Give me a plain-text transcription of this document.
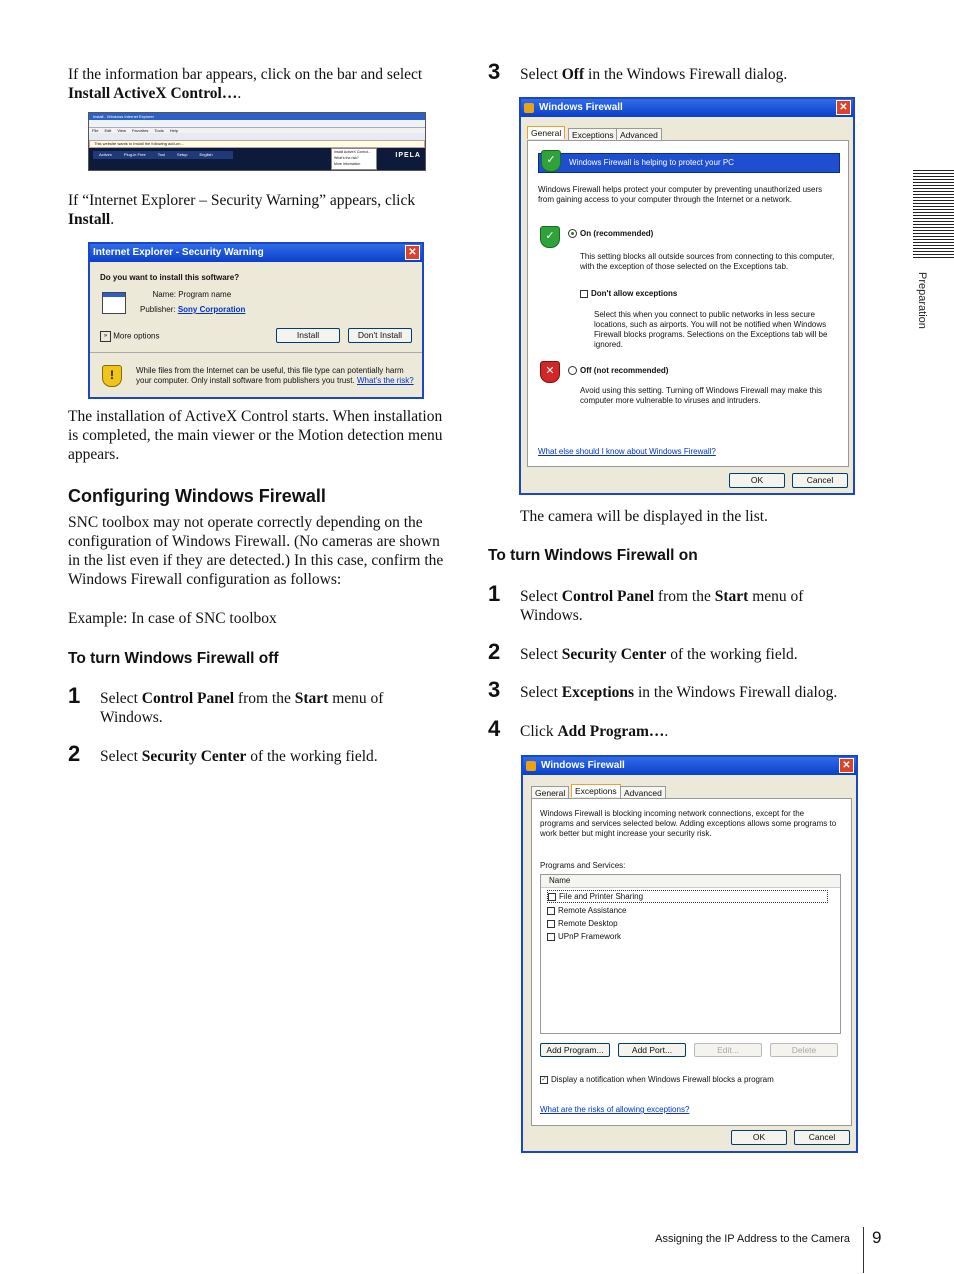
If the information bar appears, click on the bar and select
Install ActiveX Control….
Install - Windows Internet Explorer
File Edit View Favorites Tools Help
This website wants to install the following add-on...
Activex	Plug-in Free	Tool	Setup	English	Install ActiveX Control...
What's the risk?
More information
IPELA
If “Internet Explorer – Security Warning” appears, click
Install.
Internet Explorer - Security Warning	✕
Do you want to install this software?
Name: Program name
Publisher: Sony Corporation
» More options	Install	Don't Install
!	While files from the Internet can be useful, this file type can potentially harm your computer. Only install software from publishers you trust. What's the risk?
The installation of ActiveX Control starts. When installation is completed, the main viewer or the Motion detection menu appears.
Configuring Windows Firewall
SNC toolbox may not operate correctly depending on the configuration of Windows Firewall. (No cameras are shown in the list even if they are detected.) In this case, confirm the Windows Firewall configuration as follows:
Example: In case of SNC toolbox
To turn Windows Firewall off
1 Select Control Panel from the Start menu of Windows.
2 Select Security Center of the working field.
3 Select Off in the Windows Firewall dialog.
Windows Firewall	✕
General	Exceptions Advanced
✓	Windows Firewall is helping to protect your PC
Windows Firewall helps protect your computer by preventing unauthorized users from gaining access to your computer through the Internet or a network.
✓	On (recommended)
This setting blocks all outside sources from connecting to this computer, with the exception of those selected on the Exceptions tab.
Don't allow exceptions
Select this when you connect to public networks in less secure locations, such as airports. You will not be notified when Windows Firewall blocks programs. Selections on the Exceptions tab will be ignored.
✕	Off (not recommended)
Avoid using this setting. Turning off Windows Firewall may make this computer more vulnerable to viruses and intruders.
What else should I know about Windows Firewall?
OK	Cancel
The camera will be displayed in the list.
To turn Windows Firewall on
1 Select Control Panel from the Start menu of Windows.
2 Select Security Center of the working field.
3 Select Exceptions in the Windows Firewall dialog.
4 Click Add Program….
Windows Firewall	✕
General	Exceptions Advanced
Windows Firewall is blocking incoming network connections, except for the programs and services selected below. Adding exceptions allows some programs to work better but might increase your security risk.
Programs and Services:
Name
File and Printer Sharing
Remote Assistance
Remote Desktop
UPnP Framework
Add Program...	Add Port...	Edit...	Delete
✓ Display a notification when Windows Firewall blocks a program
What are the risks of allowing exceptions?
OK	Cancel
Preparation
Assigning the IP Address to the Camera 9
